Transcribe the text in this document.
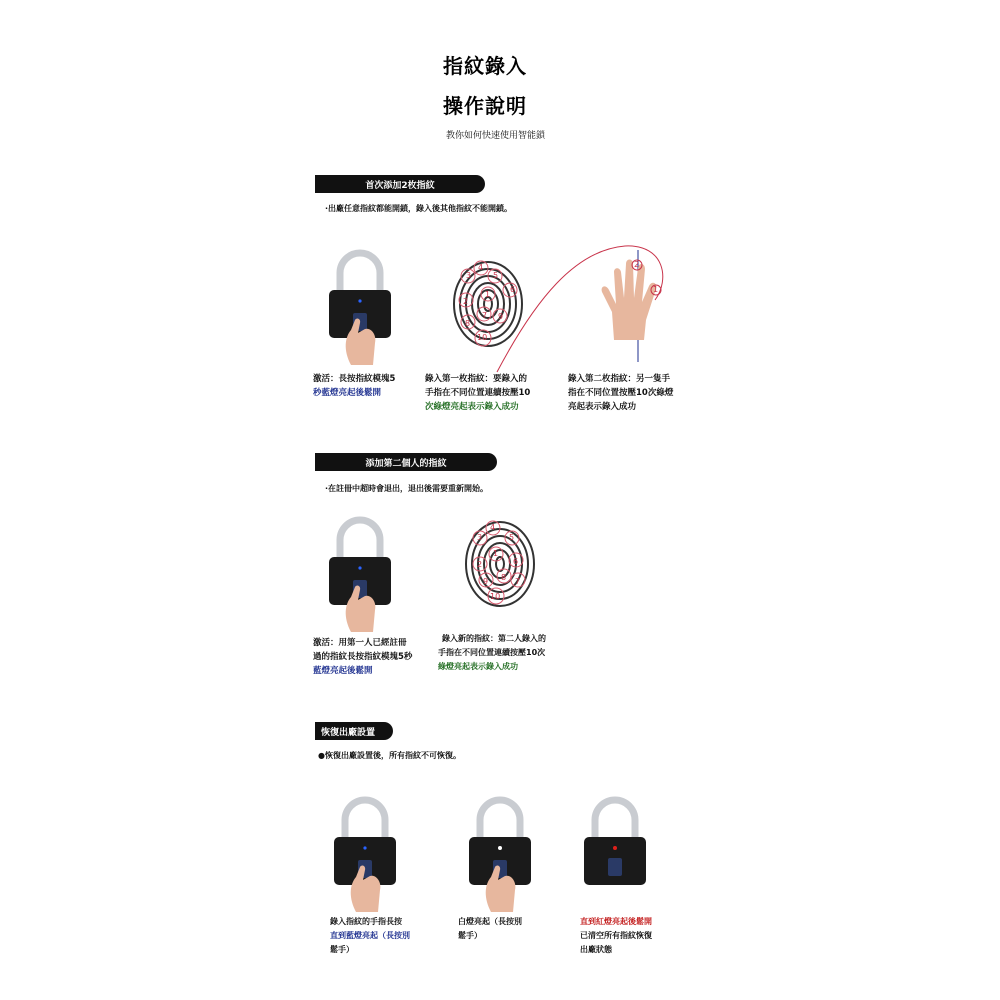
指紋錄入
操作說明
教你如何快速使用智能鎖
首次添加2枚指紋
·出廠任意指紋都能開鎖，錄入後其他指紋不能開鎖。
激活：長按指紋模塊5
秒藍燈亮起後鬆開
錄入第一枚指紋：要錄入的
手指在不同位置連續按壓10
次綠燈亮起表示錄入成功
錄入第二枚指紋：另一隻手
指在不同位置按壓10次綠燈
亮起表示錄入成功
添加第二個人的指紋
·在註冊中超時會退出，退出後需要重新開始。
激活：用第一人已經註冊
過的指紋長按指紋模塊5秒
藍燈亮起後鬆開
錄入新的指紋：第二人錄入的
手指在不同位置連續按壓10次
綠燈亮起表示錄入成功
恢復出廠設置
●恢復出廠設置後，所有指紋不可恢復。
錄入指紋的手指長按
直到藍燈亮起（長按別
鬆手）
白燈亮起（長按別
鬆手）
直到紅燈亮起後鬆開
已清空所有指紋恢復
出廠狀態
4
5
3
1
6
2
7 9
8
10
4
3	5
1
2	6
8 7
9
10
2
1
